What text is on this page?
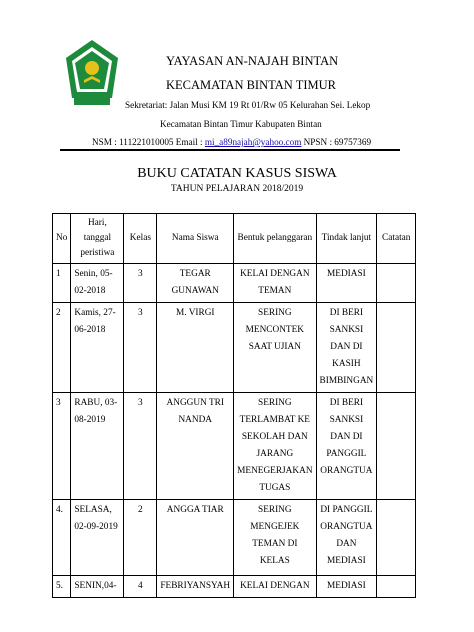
YAYASAN AN-NAJAH BINTAN
KECAMATAN BINTAN TIMUR
Sekretariat: Jalan Musi KM 19 Rt 01/Rw 05 Kelurahan Sei. Lekop
Kecamatan Bintan Timur Kabupaten Bintan
NSM : 111221010005 Email : mi_a89najah@yahoo.com NPSN : 69757369
BUKU CATATAN KASUS SISWA
TAHUN PELAJARAN 2018/2019
No	Hari, tanggal peristiwa	Kelas	Nama Siswa	Bentuk pelanggaran	Tindak lanjut	Catatan
1	Senin, 05-02-2018	3	TEGAR GUNAWAN	KELAI DENGAN TEMAN	MEDIASI	
2	Kamis, 27-06-2018	3	M. VIRGI	SERING MENCONTEK SAAT UJIAN	DI BERI SANKSI DAN DI KASIH BIMBINGAN	
3	RABU, 03-08-2019	3	ANGGUN TRI NANDA	SERING TERLAMBAT KE SEKOLAH DAN JARANG MENEGERJAKAN TUGAS	DI BERI SANKSI DAN DI PANGGIL ORANGTUA	
4.	SELASA, 02-09-2019	2	ANGGA TIAR	SERING MENGEJEK TEMAN DI KELAS	DI PANGGIL ORANGTUA DAN MEDIASI	
5.	SENIN,04-	4	FEBRIYANSYAH	KELAI DENGAN	MEDIASI	
